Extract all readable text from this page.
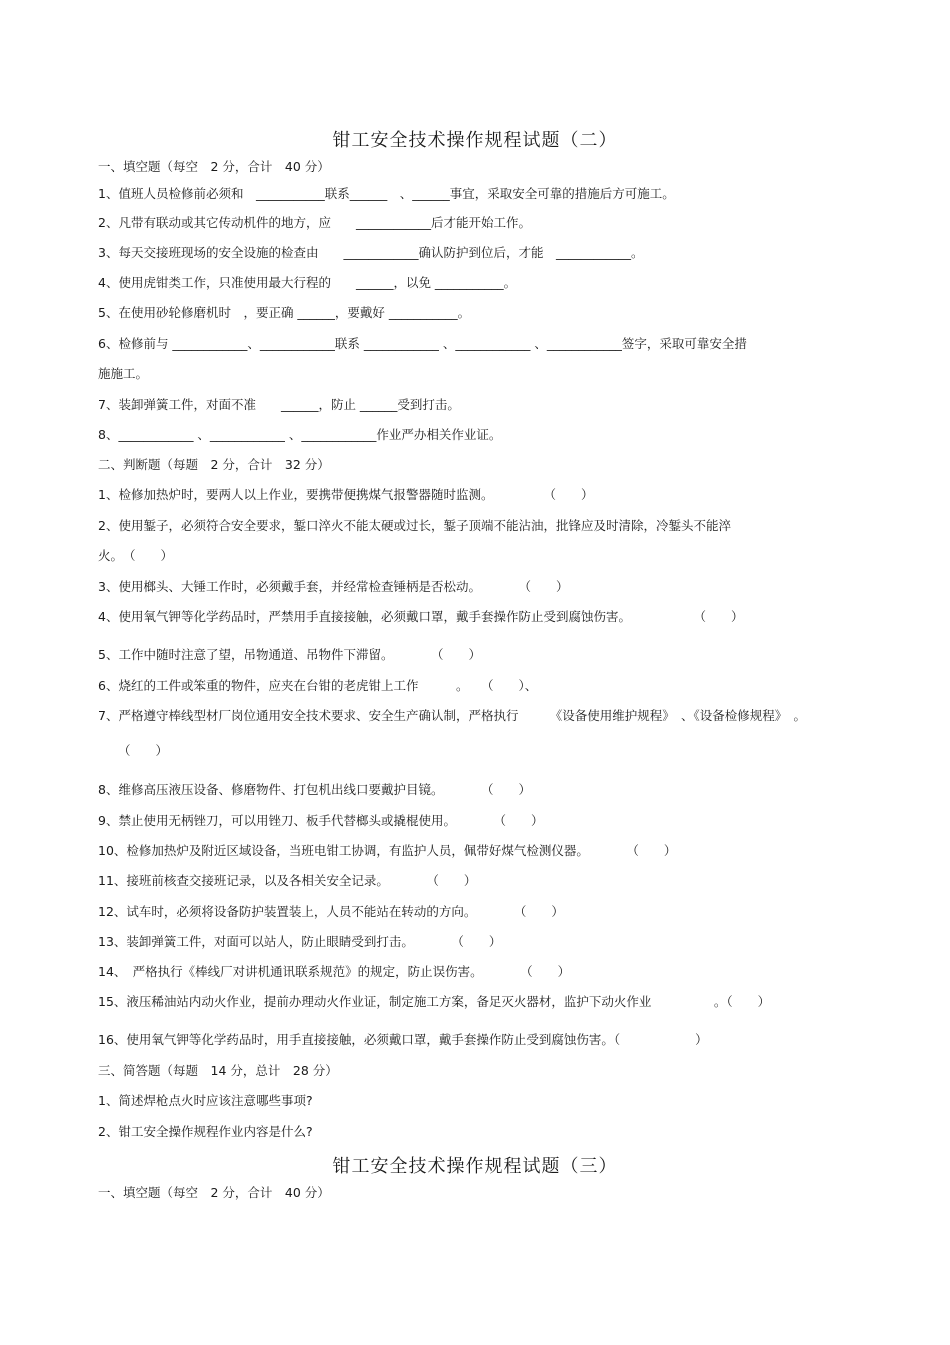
钳工安全技术操作规程试题（二）
一、填空题（每空　2 分，合计　40 分）
1、值班人员检修前必须和　___________联系______　、______事宜，采取安全可靠的措施后方可施工。
2、凡带有联动或其它传动机件的地方，应　　____________后才能开始工作。
3、每天交接班现场的安全设施的检查由　　____________确认防护到位后，才能　____________。
4、使用虎钳类工作，只准使用最大行程的　　______，以免 ___________。
5、在使用砂轮修磨机时　，要正确 ______，要戴好 ___________。
6、检修前与 ____________、____________联系 ____________ 、____________ 、____________签字，采取可靠安全措
施施工。
7、装卸弹簧工件，对面不准　　______，防止 ______受到打击。
8、____________ 、____________ 、____________作业严办相关作业证。
二、判断题（每题　2 分，合计　32 分）
1、检修加热炉时，要两人以上作业，要携带便携煤气报警器随时监测。　　　　　（　　）
2、使用錾子，必须符合安全要求，錾口淬火不能太硬或过长，錾子顶端不能沾油，批锋应及时清除，冷錾头不能淬
火。　（　　）
3、使用榔头、大锤工作时，必须戴手套，并经常检查锤柄是否松动。　　　　（　　）
4、使用氧气钾等化学药品时，严禁用手直接接触，必须戴口罩，戴手套操作防止受到腐蚀伤害。　　　　　　（　　）
5、工作中随时注意了望，吊物通道、吊物件下滞留。　　　　（　　）
6、烧红的工件或笨重的物件，应夹在台钳的老虎钳上工作　　　。　　（　　）、
7、严格遵守棒线型材厂岗位通用安全技术要求、安全生产确认制，严格执行　　　《设备使用维护规程》　、《设备检修规程》　。
（　　）
8、维修高压液压设备、修磨物件、打包机出线口要戴护目镜。　　　　（　　）
9、禁止使用无柄锉刀，可以用锉刀、板手代替榔头或撬棍使用。　　　　（　　）
10、检修加热炉及附近区域设备，当班电钳工协调，有监护人员，佩带好煤气检测仪器。　　　　（　　）
11、接班前核查交接班记录，以及各相关安全记录。　　　　（　　）
12、试车时，必须将设备防护装置装上，人员不能站在转动的方向。　　　　（　　）
13、装卸弹簧工件，对面可以站人，防止眼睛受到打击。　　　　（　　）
14、　严格执行《棒线厂对讲机通讯联系规范》的规定，防止误伤害。　　　　（　　）
15、液压稀油站内动火作业，提前办理动火作业证，制定施工方案，备足灭火器材，监护下动火作业　　　　　。（　　）
16、使用氧气钾等化学药品时，用手直接接触，必须戴口罩，戴手套操作防止受到腐蚀伤害。（　　　　　　）
三、简答题（每题　14 分，总计　28 分）
1、简述焊枪点火时应该注意哪些事项?
2、钳工安全操作规程作业内容是什么?
钳工安全技术操作规程试题（三）
一、填空题（每空　2 分，合计　40 分）
